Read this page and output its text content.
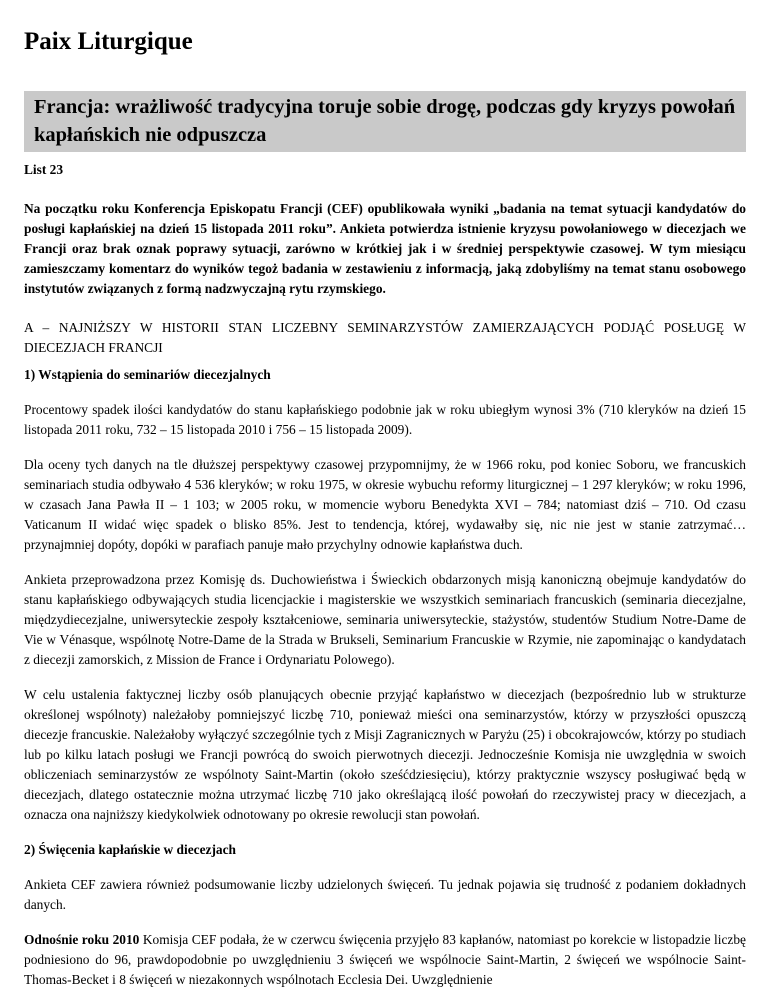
Paix Liturgique
Francja: wrażliwość tradycyjna toruje sobie drogę, podczas gdy kryzys powołań kapłańskich nie odpuszcza

List 23

Na początku roku Konferencja Episkopatu Francji (CEF) opublikowała wyniki „badania na temat sytuacji kandydatów do posługi kapłańskiej na dzień 15 listopada 2011 roku”. Ankieta potwierdza istnienie kryzysu powołaniowego w diecezjach we Francji oraz brak oznak poprawy sytuacji, zarówno w krótkiej jak i w średniej perspektywie czasowej. W tym miesiącu zamieszczamy komentarz do wyników tegoż badania w zestawieniu z informacją, jaką zdobyliśmy na temat stanu osobowego instytutów związanych z formą nadzwyczajną rytu rzymskiego.

A – NAJNIŻSZY W HISTORII STAN LICZEBNY SEMINARZYSTÓW ZAMIERZAJĄCYCH PODJĄĆ POSŁUGĘ W DIECEZJACH FRANCJI

1) Wstąpienia do seminariów diecezjalnych

Procentowy spadek ilości kandydatów do stanu kapłańskiego podobnie jak w roku ubiegłym wynosi 3% (710 kleryków na dzień 15 listopada 2011 roku, 732 – 15 listopada 2010 i 756 – 15 listopada 2009).

Dla oceny tych danych na tle dłuższej perspektywy czasowej przypomnijmy, że w 1966 roku, pod koniec Soboru, we francuskich seminariach studia odbywało 4 536 kleryków; w roku 1975, w okresie wybuchu reformy liturgicznej – 1 297 kleryków; w roku 1996, w czasach Jana Pawła II – 1 103; w 2005 roku, w momencie wyboru Benedykta XVI – 784; natomiast dziś – 710. Od czasu Vaticanum II widać więc spadek o blisko 85%. Jest to tendencja, której, wydawałby się, nic nie jest w stanie zatrzymać… przynajmniej dopóty, dopóki w parafiach panuje mało przychylny odnowie kapłaństwa duch.

Ankieta przeprowadzona przez Komisję ds. Duchowieństwa i Świeckich obdarzonych misją kanoniczną obejmuje kandydatów do stanu kapłańskiego odbywających studia licencjackie i magisterskie we wszystkich seminariach francuskich (seminaria diecezjalne, międzydiecezjalne, uniwersyteckie zespoły kształceniowe, seminaria uniwersyteckie, stażystów, studentów Studium Notre-Dame de Vie w Vénasque, wspólnotę Notre-Dame de la Strada w Brukseli, Seminarium Francuskie w Rzymie, nie zapominając o kandydatach z diecezji zamorskich, z Mission de France i Ordynariatu Polowego).

W celu ustalenia faktycznej liczby osób planujących obecnie przyjąć kapłaństwo w diecezjach (bezpośrednio lub w strukturze określonej wspólnoty) należałoby pomniejszyć liczbę 710, ponieważ mieści ona seminarzystów, którzy w przyszłości opuszczą diecezje francuskie. Należałoby wyłączyć szczególnie tych z Misji Zagranicznych w Paryżu (25) i obcokrajowców, którzy po studiach lub po kilku latach posługi we Francji powrócą do swoich pierwotnych diecezji. Jednocześnie Komisja nie uwzględnia w swoich obliczeniach seminarzystów ze wspólnoty Saint-Martin (około sześćdziesięciu), którzy praktycznie wszyscy posługiwać będą w diecezjach, dlatego ostatecznie można utrzymać liczbę 710 jako określającą ilość powołań do rzeczywistej pracy w diecezjach, a oznacza ona najniższy kiedykolwiek odnotowany po okresie rewolucji stan powołań.

2) Święcenia kapłańskie w diecezjach

Ankieta CEF zawiera również podsumowanie liczby udzielonych święceń. Tu jednak pojawia się trudność z podaniem dokładnych danych.

Odnośnie roku 2010 Komisja CEF podała, że w czerwcu święcenia przyjęło 83 kapłanów, natomiast po korekcie w listopadzie liczbę podniesiono do 96, prawdopodobnie po uwzględnieniu 3 święceń we wspólnocie Saint-Martin, 2 święceń we wspólnocie Saint-Thomas-Becket i 8 święceń w niezakonnych wspólnotach Ecclesia Dei. Uwzględnienie
